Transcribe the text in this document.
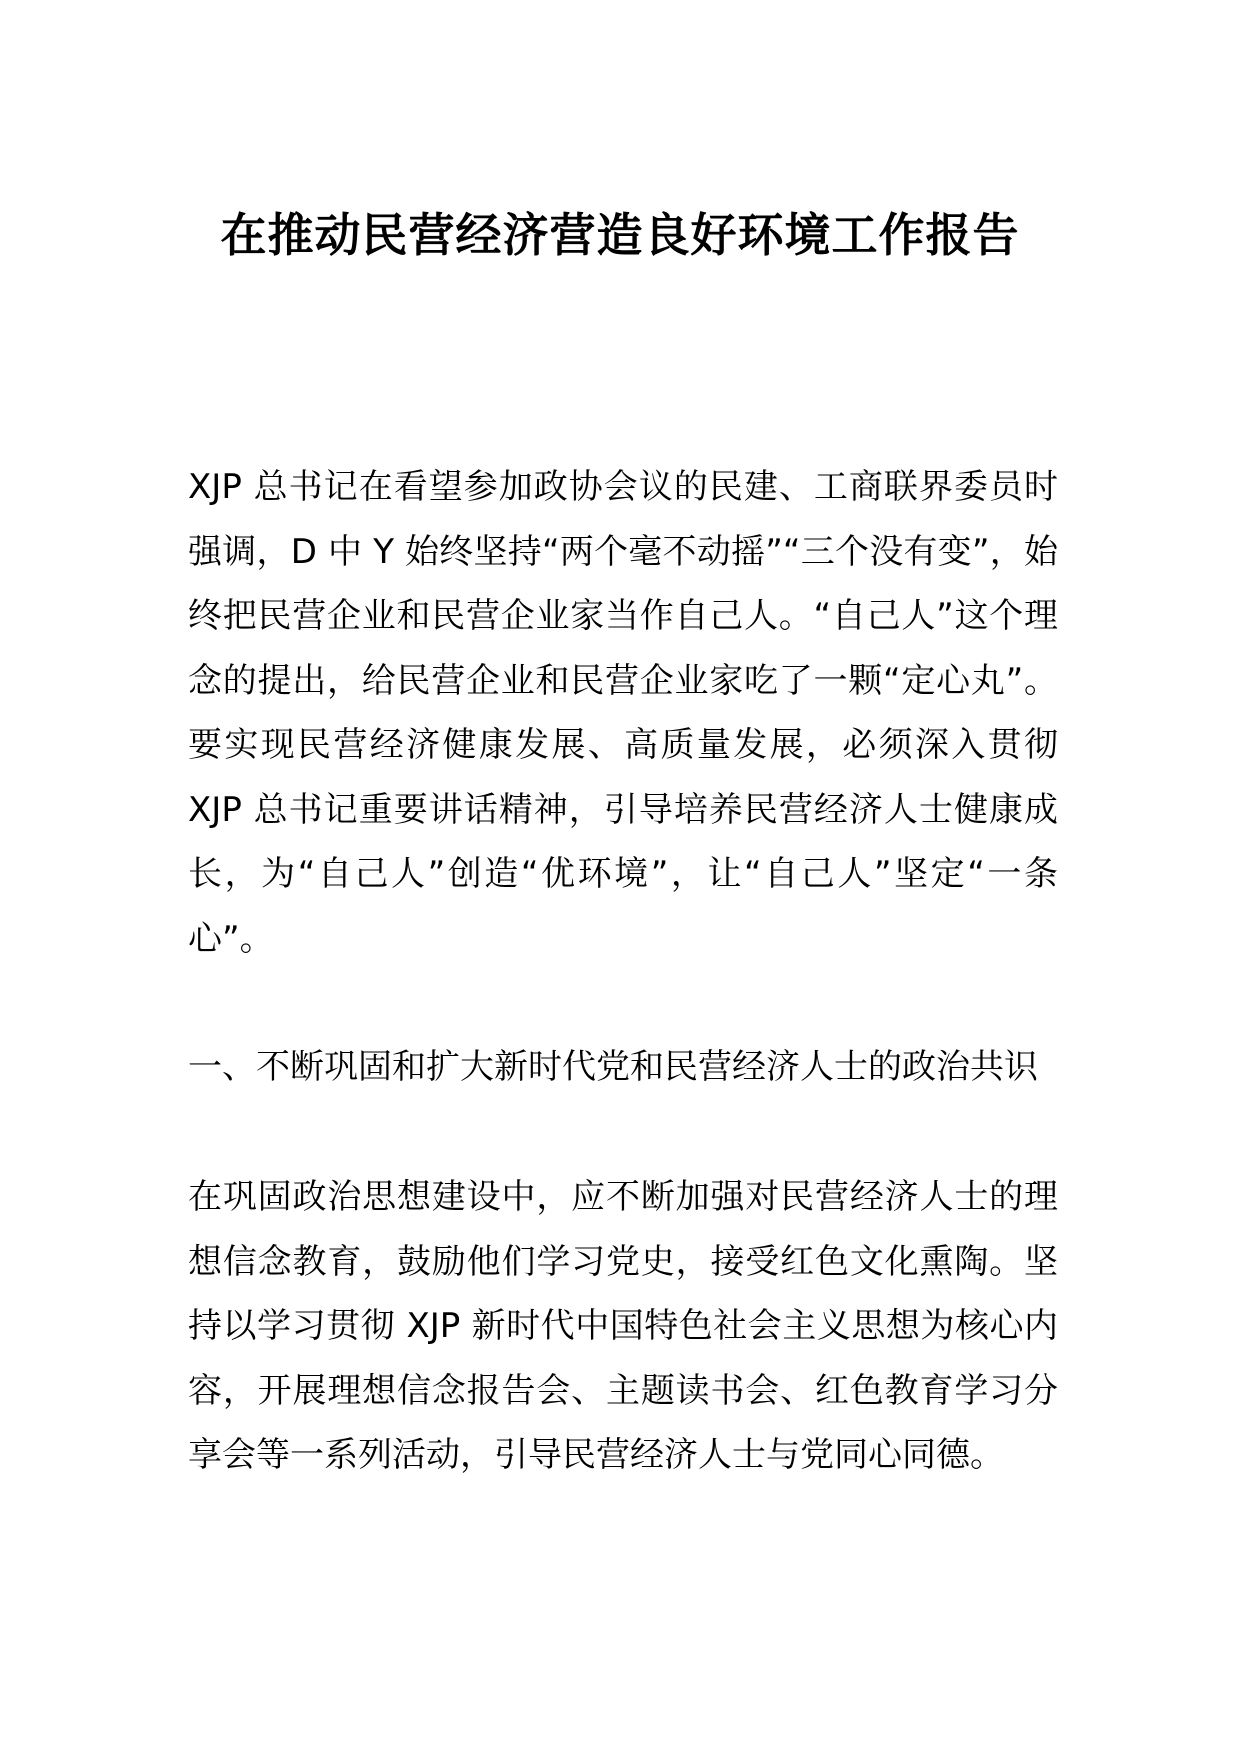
在推动民营经济营造良好环境工作报告

XJP 总书记在看望参加政协会议的民建、工商联界委员时强调，D 中 Y 始终坚持“两个毫不动摇”“三个没有变”，始终把民营企业和民营企业家当作自己人。“自己人”这个理念的提出，给民营企业和民营企业家吃了一颗“定心丸”。要实现民营经济健康发展、高质量发展，必须深入贯彻 XJP 总书记重要讲话精神，引导培养民营经济人士健康成长，为“自己人”创造“优环境”，让“自己人”坚定“一条心”。

一、不断巩固和扩大新时代党和民营经济人士的政治共识

在巩固政治思想建设中，应不断加强对民营经济人士的理想信念教育，鼓励他们学习党史，接受红色文化熏陶。坚持以学习贯彻 XJP 新时代中国特色社会主义思想为核心内容，开展理想信念报告会、主题读书会、红色教育学习分享会等一系列活动，引导民营经济人士与党同心同德。
